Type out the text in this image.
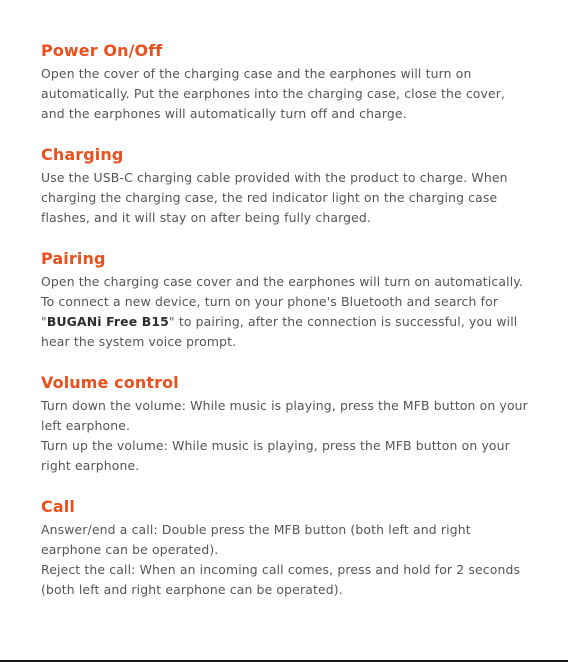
Power On/Off

Open the cover of the charging case and the earphones will turn on automatically. Put the earphones into the charging case, close the cover, and the earphones will automatically turn off and charge.

Charging

Use the USB-C charging cable provided with the product to charge. When charging the charging case, the red indicator light on the charging case flashes, and it will stay on after being fully charged.

Pairing

Open the charging case cover and the earphones will turn on automatically. To connect a new device, turn on your phone's Bluetooth and search for "BUGANi Free B15" to pairing, after the connection is successful, you will hear the system voice prompt.

Volume control

Turn down the volume: While music is playing, press the MFB button on your left earphone.

Turn up the volume: While music is playing, press the MFB button on your right earphone.

Call

Answer/end a call: Double press the MFB button (both left and right earphone can be operated).

Reject the call: When an incoming call comes, press and hold for 2 seconds (both left and right earphone can be operated).
